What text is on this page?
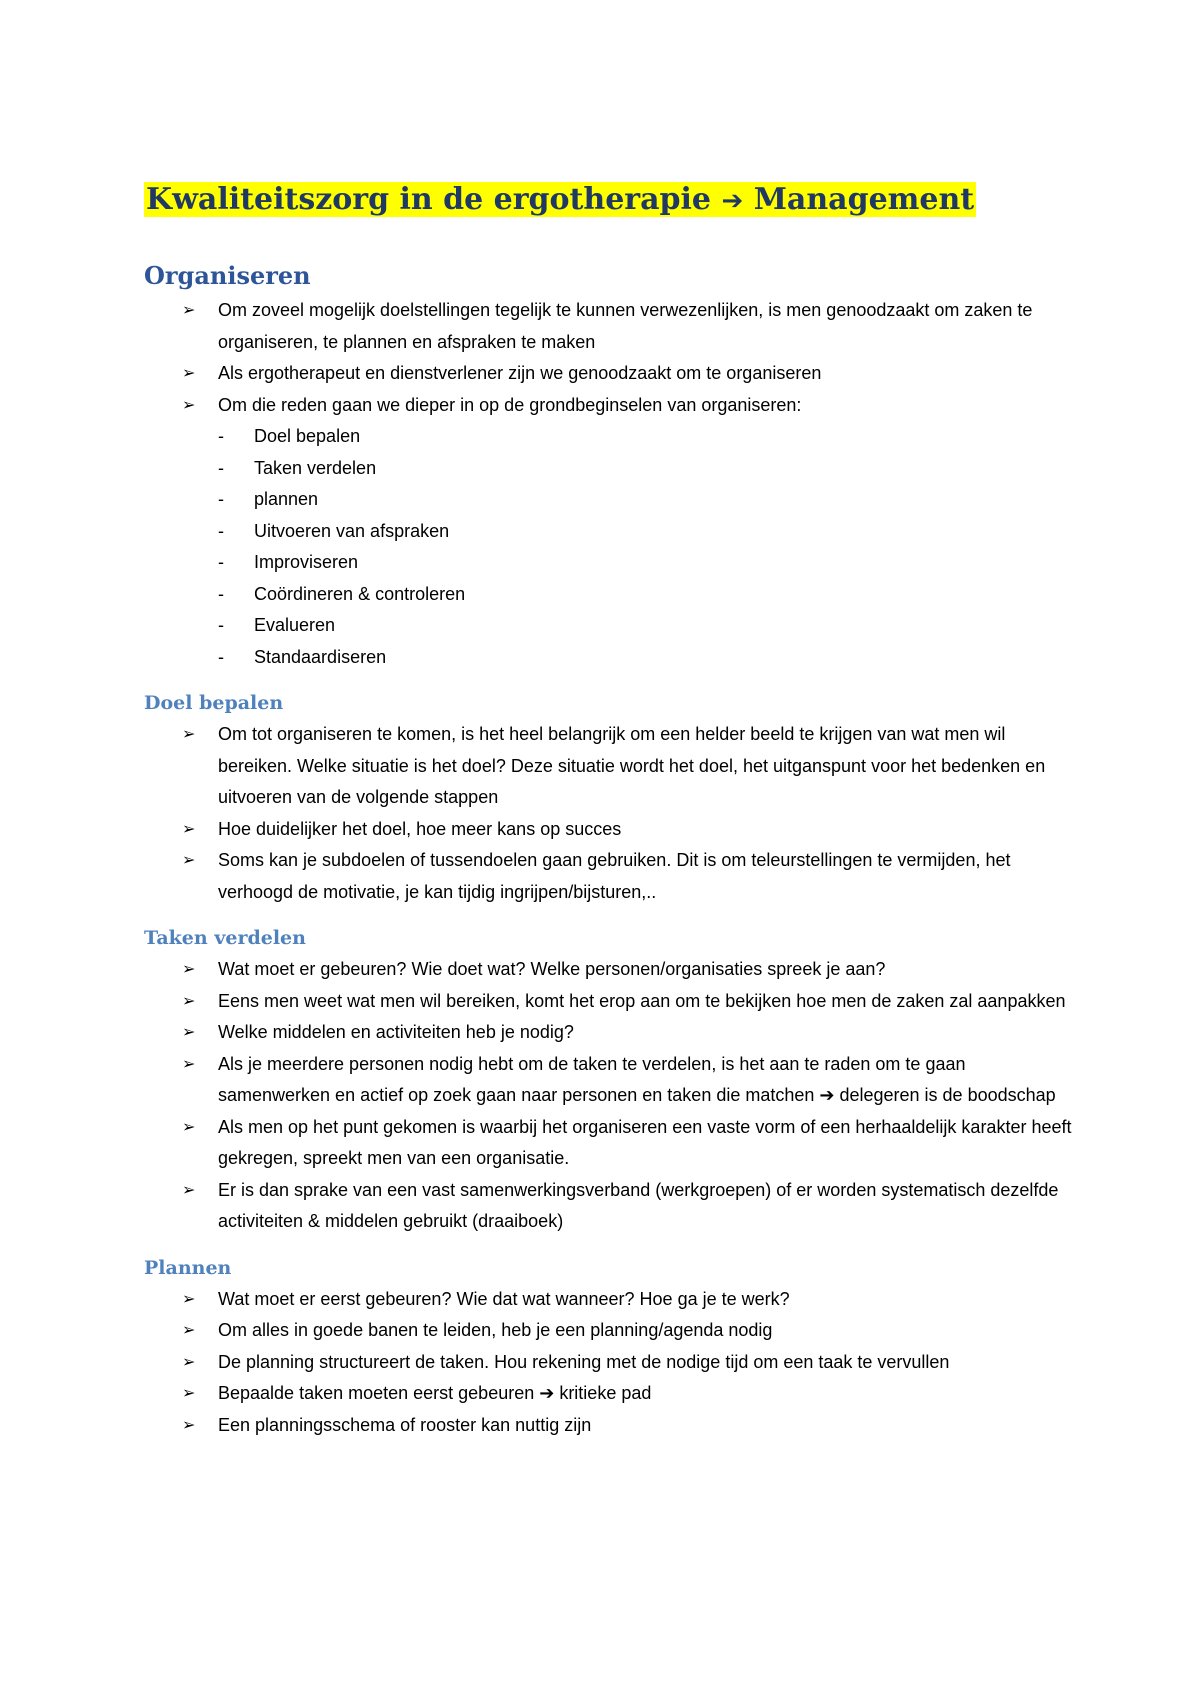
Kwaliteitszorg in de ergotherapie ➔ Management
Organiseren
➢ Om zoveel mogelijk doelstellingen tegelijk te kunnen verwezenlijken, is men genoodzaakt om zaken te organiseren, te plannen en afspraken te maken
➢ Als ergotherapeut en dienstverlener zijn we genoodzaakt om te organiseren
➢ Om die reden gaan we dieper in op de grondbeginselen van organiseren:
- Doel bepalen
- Taken verdelen
- plannen
- Uitvoeren van afspraken
- Improviseren
- Coördineren & controleren
- Evalueren
- Standaardiseren
Doel bepalen
➢ Om tot organiseren te komen, is het heel belangrijk om een helder beeld te krijgen van wat men wil bereiken. Welke situatie is het doel? Deze situatie wordt het doel, het uitganspunt voor het bedenken en uitvoeren van de volgende stappen
➢ Hoe duidelijker het doel, hoe meer kans op succes
➢ Soms kan je subdoelen of tussendoelen gaan gebruiken. Dit is om teleurstellingen te vermijden, het verhoogd de motivatie, je kan tijdig ingrijpen/bijsturen,..
Taken verdelen
➢ Wat moet er gebeuren? Wie doet wat? Welke personen/organisaties spreek je aan?
➢ Eens men weet wat men wil bereiken, komt het erop aan om te bekijken hoe men de zaken zal aanpakken
➢ Welke middelen en activiteiten heb je nodig?
➢ Als je meerdere personen nodig hebt om de taken te verdelen, is het aan te raden om te gaan samenwerken en actief op zoek gaan naar personen en taken die matchen ➔ delegeren is de boodschap
➢ Als men op het punt gekomen is waarbij het organiseren een vaste vorm of een herhaaldelijk karakter heeft gekregen, spreekt men van een organisatie.
➢ Er is dan sprake van een vast samenwerkingsverband (werkgroepen) of er worden systematisch dezelfde activiteiten & middelen gebruikt (draaiboek)
Plannen
➢ Wat moet er eerst gebeuren? Wie dat wat wanneer? Hoe ga je te werk?
➢ Om alles in goede banen te leiden, heb je een planning/agenda nodig
➢ De planning structureert de taken. Hou rekening met de nodige tijd om een taak te vervullen
➢ Bepaalde taken moeten eerst gebeuren ➔ kritieke pad
➢ Een planningsschema of rooster kan nuttig zijn
